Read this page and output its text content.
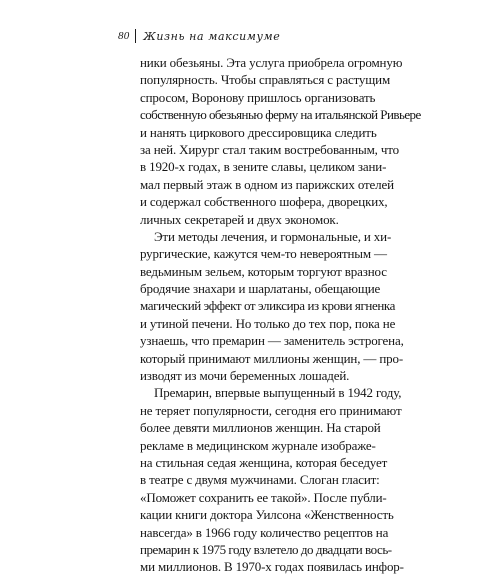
80 Жизнь на максимуме
ники обезьяны. Эта услуга приобрела огромную
популярность. Чтобы справляться с растущим
спросом, Воронову пришлось организовать
собственную обезьянью ферму на итальянской Ривьере
и нанять циркового дрессировщика следить
за ней. Хирург стал таким востребованным, что
в 1920-х годах, в зените славы, целиком зани-
мал первый этаж в одном из парижских отелей
и содержал собственного шофера, дворецких,
личных секретарей и двух экономок.
Эти методы лечения, и гормональные, и хи-
рургические, кажутся чем-то невероятным —
ведьминым зельем, которым торгуют вразнос
бродячие знахари и шарлатаны, обещающие
магический эффект от эликсира из крови ягненка
и утиной печени. Но только до тех пор, пока не
узнаешь, что премарин — заменитель эстрогена,
который принимают миллионы женщин, — про-
изводят из мочи беременных лошадей.
Премарин, впервые выпущенный в 1942 году,
не теряет популярности, сегодня его принимают
более девяти миллионов женщин. На старой
рекламе в медицинском журнале изображе-
на стильная седая женщина, которая беседует
в театре с двумя мужчинами. Слоган гласит:
«Поможет сохранить ее такой». После публи-
кации книги доктора Уилсона «Женственность
навсегда» в 1966 году количество рецептов на
премарин к 1975 году взлетело до двадцати вось-
ми миллионов. В 1970-х годах появилась инфор-
